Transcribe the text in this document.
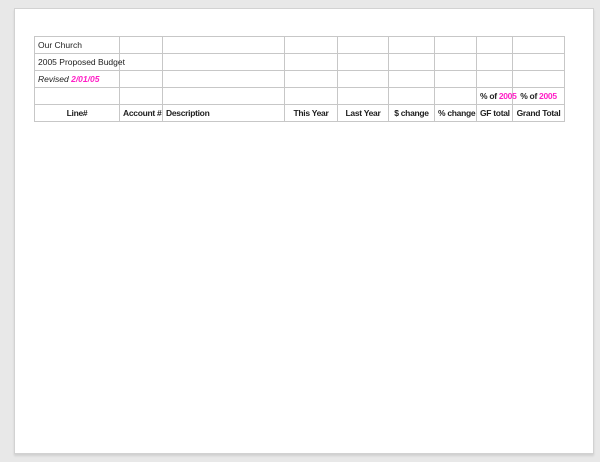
Our Church								
2005 Proposed Budget								
Revised 2/01/05								
							% of 2005	% of 2005
Line#	Account #	Description	This Year	Last Year	$ change	% change	GF total	Grand Total
